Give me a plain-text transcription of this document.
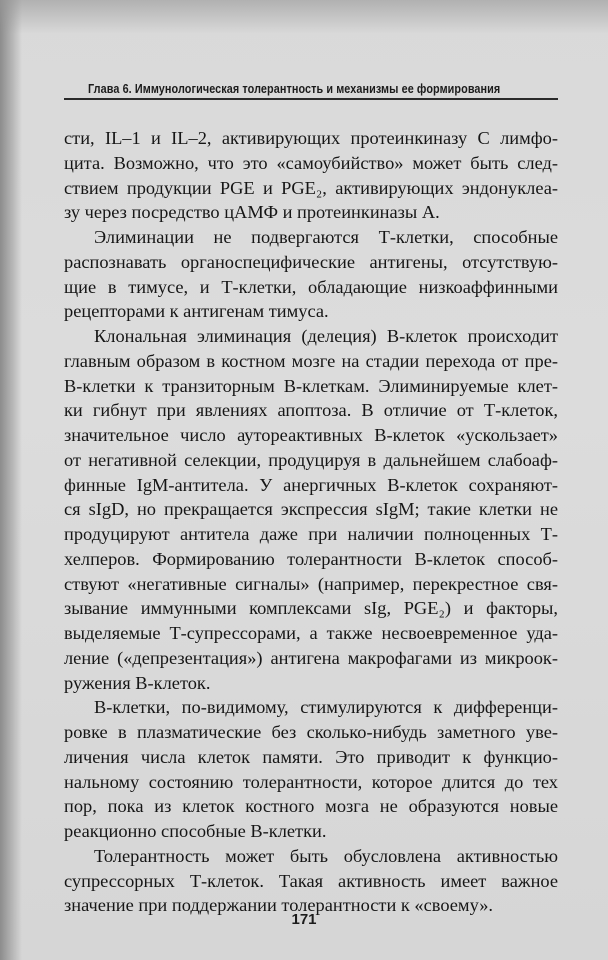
Глава 6. Иммунологическая толерантность и механизмы ее формирования
сти, IL–1 и IL–2, активирующих протеинкиназу С лимфо-
цита. Возможно, что это «самоубийство» может быть след-
ствием продукции PGE и PGE₂, активирующих эндонуклеа-
зу через посредство цАМФ и протеинкиназы А.
Элиминации не подвергаются Т-клетки, способные
распознавать органоспецифические антигены, отсутствую-
щие в тимусе, и Т-клетки, обладающие низкоаффинными
рецепторами к антигенам тимуса.
Клональная элиминация (делеция) В-клеток происходит
главным образом в костном мозге на стадии перехода от пре-
В-клетки к транзиторным В-клеткам. Элиминируемые клет-
ки гибнут при явлениях апоптоза. В отличие от Т-клеток,
значительное число аутореактивных В-клеток «ускользает»
от негативной селекции, продуцируя в дальнейшем слабоаф-
финные IgM-антитела. У анергичных В-клеток сохраняют-
ся sIgD, но прекращается экспрессия sIgM; такие клетки не
продуцируют антитела даже при наличии полноценных Т-
хелперов. Формированию толерантности В-клеток способ-
ствуют «негативные сигналы» (например, перекрестное свя-
зывание иммунными комплексами sIg, PGE₂) и факторы,
выделяемые Т-супрессорами, а также несвоевременное уда-
ление («депрезентация») антигена макрофагами из микроок-
ружения В-клеток.
В-клетки, по-видимому, стимулируются к дифференци-
ровке в плазматические без сколько-нибудь заметного уве-
личения числа клеток памяти. Это приводит к функцио-
нальному состоянию толерантности, которое длится до тех
пор, пока из клеток костного мозга не образуются новые
реакционно способные В-клетки.
Толерантность может быть обусловлена активностью
супрессорных Т-клеток. Такая активность имеет важное
значение при поддержании толерантности к «своему».
171
